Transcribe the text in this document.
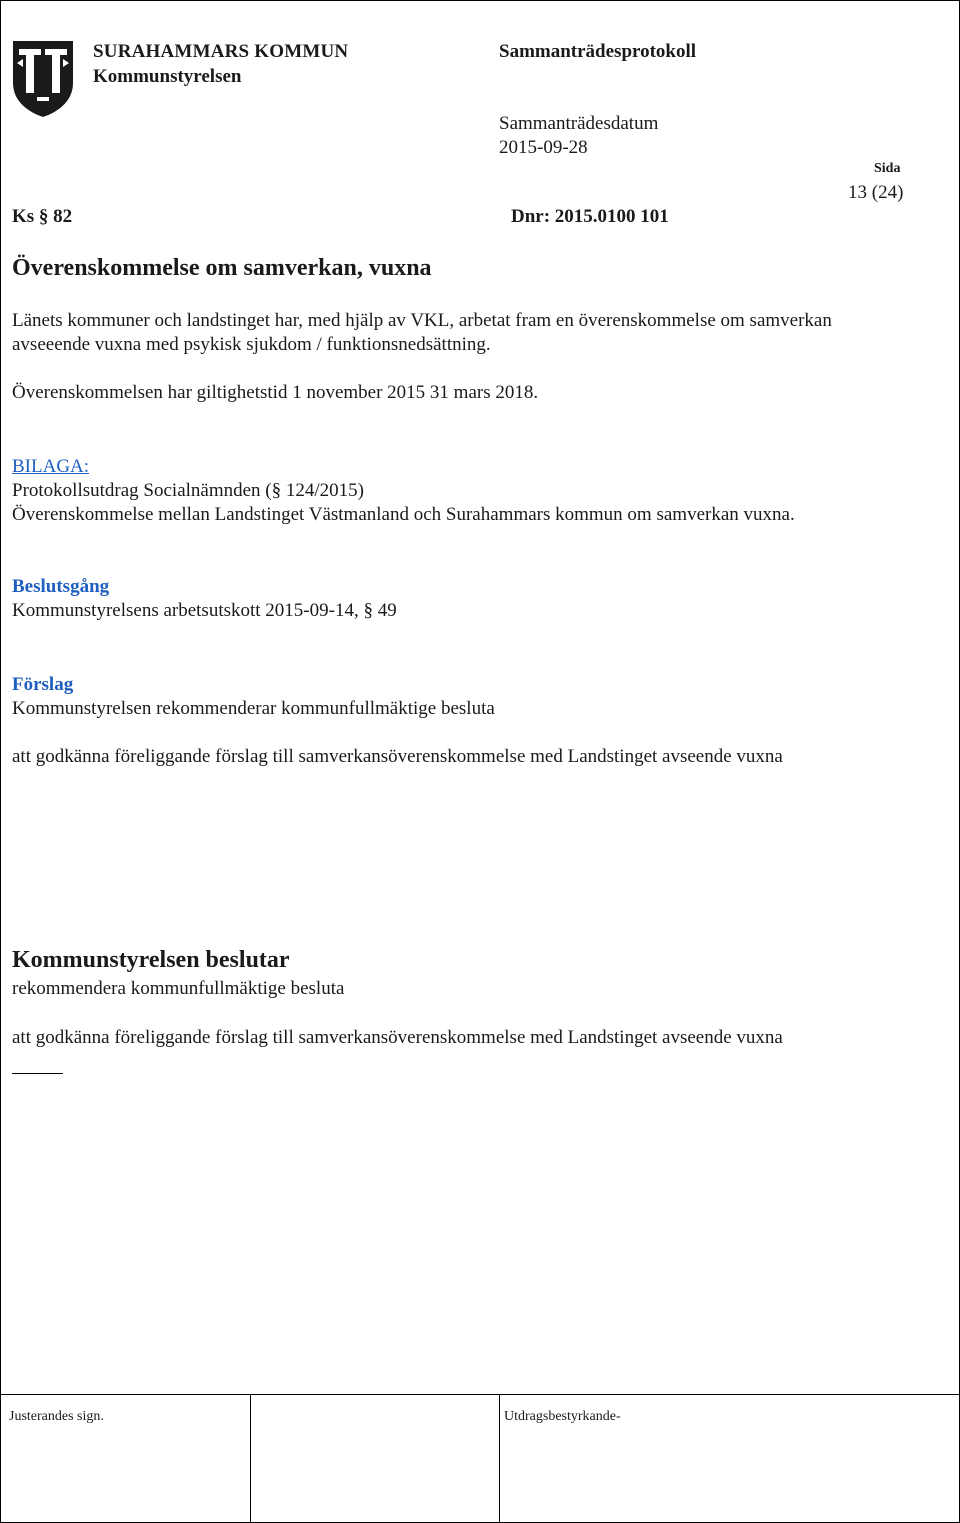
SURAHAMMARS KOMMUN
Kommunstyrelsen
Sammanträdesprotokoll
Sammanträdesdatum
2015-09-28
Sida
13 (24)
Ks § 82	Dnr: 2015.0100 101
Överenskommelse om samverkan, vuxna
Länets kommuner och landstinget har, med hjälp av VKL, arbetat fram en överenskommelse om samverkan
avseeende vuxna med psykisk sjukdom / funktionsnedsättning.
Överenskommelsen har giltighetstid 1 november 2015 31 mars 2018.
BILAGA:
Protokollsutdrag Socialnämnden (§ 124/2015)
Överenskommelse mellan Landstinget Västmanland och Surahammars kommun om samverkan vuxna.
Beslutsgång
Kommunstyrelsens arbetsutskott 2015-09-14, § 49
Förslag
Kommunstyrelsen rekommenderar kommunfullmäktige besluta
att godkänna föreliggande förslag till samverkansöverenskommelse med Landstinget avseende vuxna
Kommunstyrelsen beslutar
rekommendera kommunfullmäktige besluta
att godkänna föreliggande förslag till samverkansöverenskommelse med Landstinget avseende vuxna
Justerandes sign.	Utdragsbestyrkande-
